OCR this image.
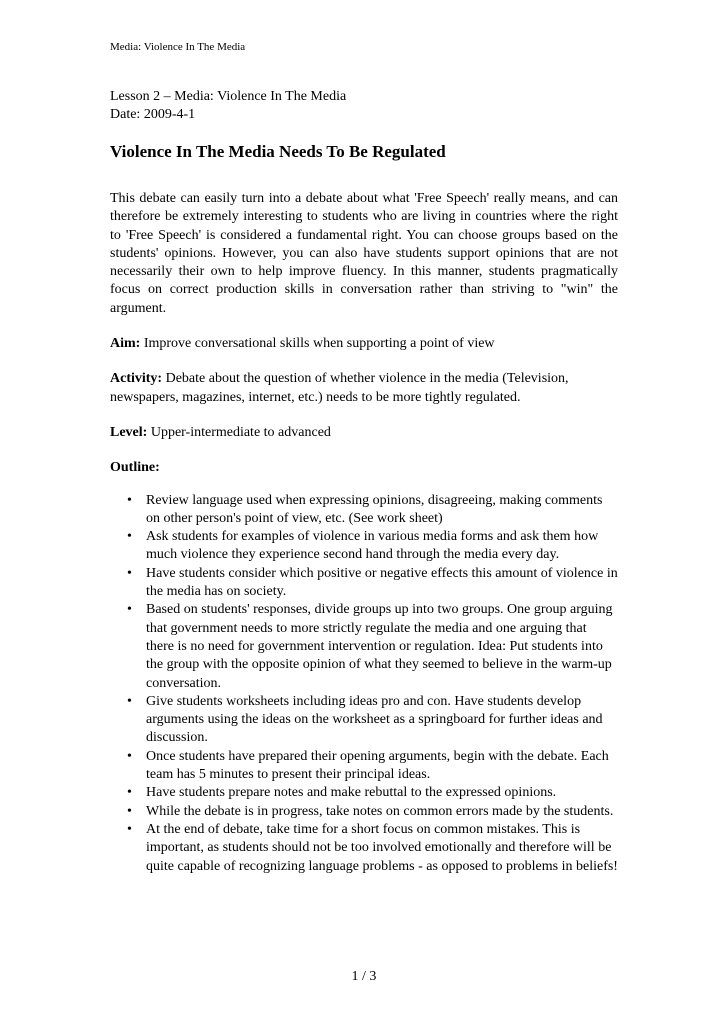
Media: Violence In The Media
Lesson 2 – Media: Violence In The Media
Date: 2009-4-1
Violence In The Media Needs To Be Regulated

This debate can easily turn into a debate about what 'Free Speech' really means, and can therefore be extremely interesting to students who are living in countries where the right to 'Free Speech' is considered a fundamental right. You can choose groups based on the students' opinions. However, you can also have students support opinions that are not necessarily their own to help improve fluency. In this manner, students pragmatically focus on correct production skills in conversation rather than striving to "win" the argument.

Aim: Improve conversational skills when supporting a point of view

Activity: Debate about the question of whether violence in the media (Television, newspapers, magazines, internet, etc.) needs to be more tightly regulated.

Level: Upper-intermediate to advanced

Outline:

• Review language used when expressing opinions, disagreeing, making comments on other person's point of view, etc. (See work sheet)
• Ask students for examples of violence in various media forms and ask them how much violence they experience second hand through the media every day.
• Have students consider which positive or negative effects this amount of violence in the media has on society.
• Based on students' responses, divide groups up into two groups. One group arguing that government needs to more strictly regulate the media and one arguing that there is no need for government intervention or regulation. Idea: Put students into the group with the opposite opinion of what they seemed to believe in the warm-up conversation.
• Give students worksheets including ideas pro and con. Have students develop arguments using the ideas on the worksheet as a springboard for further ideas and discussion.
• Once students have prepared their opening arguments, begin with the debate. Each team has 5 minutes to present their principal ideas.
• Have students prepare notes and make rebuttal to the expressed opinions.
• While the debate is in progress, take notes on common errors made by the students.
• At the end of debate, take time for a short focus on common mistakes. This is important, as students should not be too involved emotionally and therefore will be quite capable of recognizing language problems - as opposed to problems in beliefs!
1 / 3
